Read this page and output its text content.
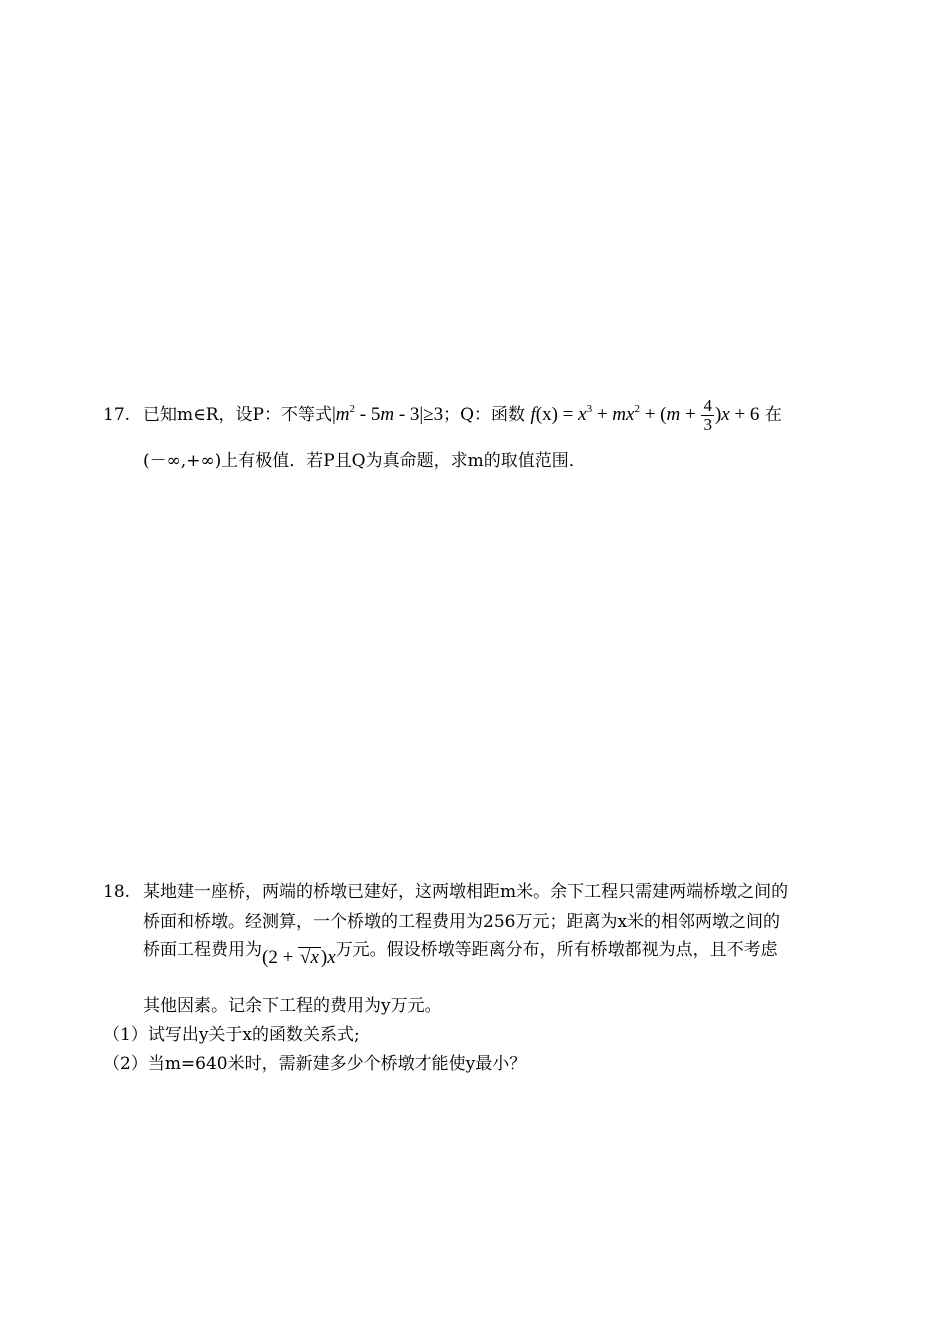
17. 已知m∈R，设P：不等式$|m^2 - 5m - 3|\ge 3$；Q：函数 $f(x) = x^3 + mx^2 + (m + \frac{4}{3} )x + 6$ 在
(－∞,+∞)上有极值．若P且Q为真命题，求m的取值范围．
18. 某地建一座桥，两端的桥墩已建好，这两墩相距m米。余下工程只需建两端桥墩之间的
桥面和桥墩。经测算，一个桥墩的工程费用为256万元；距离为x米的相邻两墩之间的
桥面工程费用为(2 + √x )x万元。假设桥墩等距离分布，所有桥墩都视为点，且不考虑
其他因素。记余下工程的费用为y万元。
（1）试写出y关于x的函数关系式;
（2）当m=640米时，需新建多少个桥墩才能使y最小？
